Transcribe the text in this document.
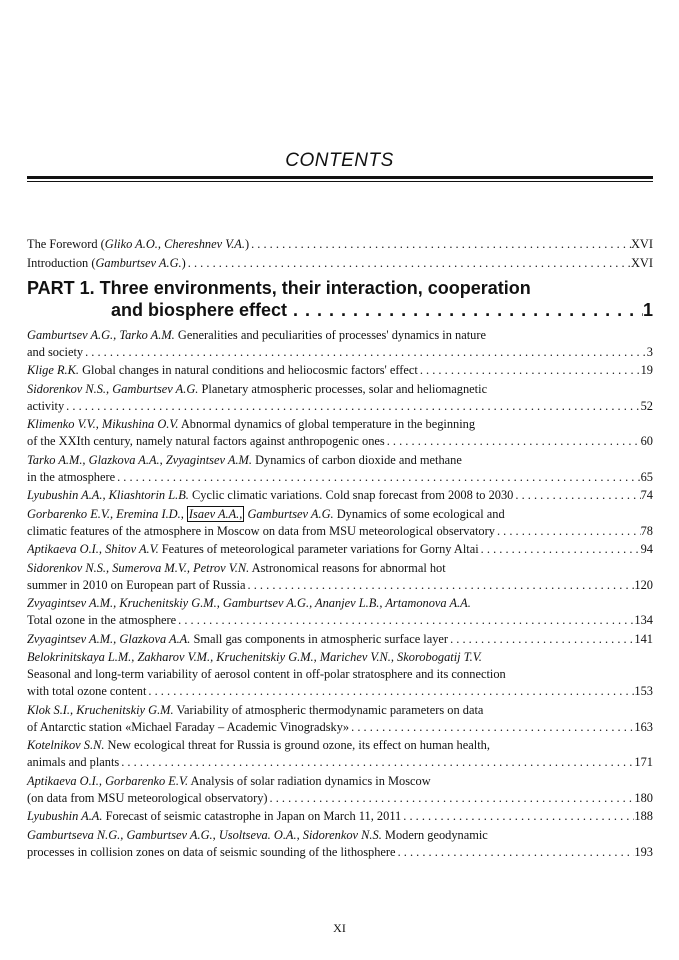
CONTENTS
The Foreword (Gliko A.O., Chereshnev V.A.) . . .	XVI
Introduction (Gamburtsev A.G.) . . .	XVI
PART 1. Three environments, their interaction, cooperation
and biosphere effect . . .	1
Gamburtsev A.G., Tarko A.M. Generalities and peculiarities of processes' dynamics in nature
and society . . .	3
Klige R.K. Global changes in natural conditions and heliocosmic factors' effect . . .	19
Sidorenkov N.S., Gamburtsev A.G. Planetary atmospheric processes, solar and heliomagnetic
activity . . .	52
Klimenko V.V., Mikushina O.V. Abnormal dynamics of global temperature in the beginning
of the XXIth century, namely natural factors against anthropogenic ones . . .	60
Tarko A.M., Glazkova A.A., Zvyagintsev A.M. Dynamics of carbon dioxide and methane
in the atmosphere . . .	65
Lyubushin A.A., Kliashtorin L.B. Cyclic climatic variations. Cold snap forecast from 2008 to 2030 . . .	74
Gorbarenko E.V., Eremina I.D., Isaev A.A., Gamburtsev A.G. Dynamics of some ecological and
climatic features of the atmosphere in Moscow on data from MSU meteorological observatory . . .	78
Aptikaeva O.I., Shitov A.V. Features of meteorological parameter variations for Gorny Altai . . .	94
Sidorenkov N.S., Sumerova M.V., Petrov V.N. Astronomical reasons for abnormal hot
summer in 2010 on European part of Russia . . .	120
Zvyagintsev A.M., Kruchenitskiy G.M., Gamburtsev A.G., Ananjev L.B., Artamonova A.A.
Total ozone in the atmosphere . . .	134
Zvyagintsev A.M., Glazkova A.A. Small gas components in atmospheric surface layer . . .	141
Belokrinitskaya L.M., Zakharov V.M., Kruchenitskiy G.M., Marichev V.N., Skorobogatij T.V.
Seasonal and long-term variability of aerosol content in off-polar stratosphere and its connection
with total ozone content . . .	153
Klok S.I., Kruchenitskiy G.M. Variability of atmospheric thermodynamic parameters on data
of Antarctic station «Michael Faraday – Academic Vinogradsky» . . .	163
Kotelnikov S.N. New ecological threat for Russia is ground ozone, its effect on human health,
animals and plants . . .	171
Aptikaeva O.I., Gorbarenko E.V. Analysis of solar radiation dynamics in Moscow
(on data from MSU meteorological observatory) . . .	180
Lyubushin A.A. Forecast of seismic catastrophe in Japan on March 11, 2011 . . .	188
Gamburtseva N.G., Gamburtsev A.G., Usoltseva. O.A., Sidorenkov N.S. Modern geodynamic
processes in collision zones on data of seismic sounding of the lithosphere . . .	193
XI
